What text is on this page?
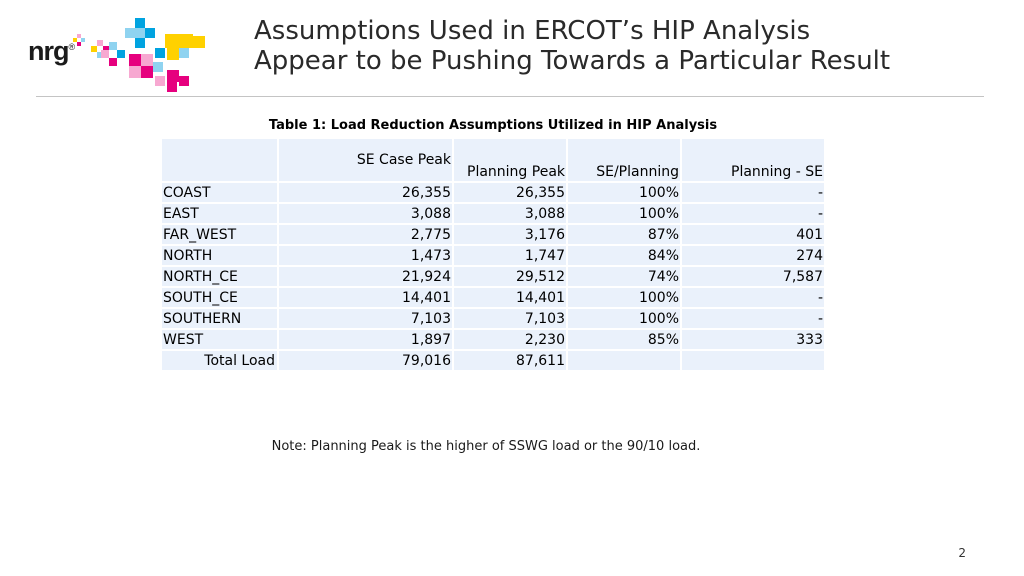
nrg®
Assumptions Used in ERCOT’s HIP Analysis
Appear to be Pushing Towards a Particular Result
Table 1: Load Reduction Assumptions Utilized in HIP Analysis
	SE Case Peak	Planning Peak	SE/Planning	Planning - SE
COAST	26,355	26,355	100%	-
EAST	3,088	3,088	100%	-
FAR_WEST	2,775	3,176	87%	401
NORTH	1,473	1,747	84%	274
NORTH_CE	21,924	29,512	74%	7,587
SOUTH_CE	14,401	14,401	100%	-
SOUTHERN	7,103	7,103	100%	-
WEST	1,897	2,230	85%	333
Total Load	79,016	87,611		
Note: Planning Peak is the higher of SSWG load or the 90/10 load.
2
